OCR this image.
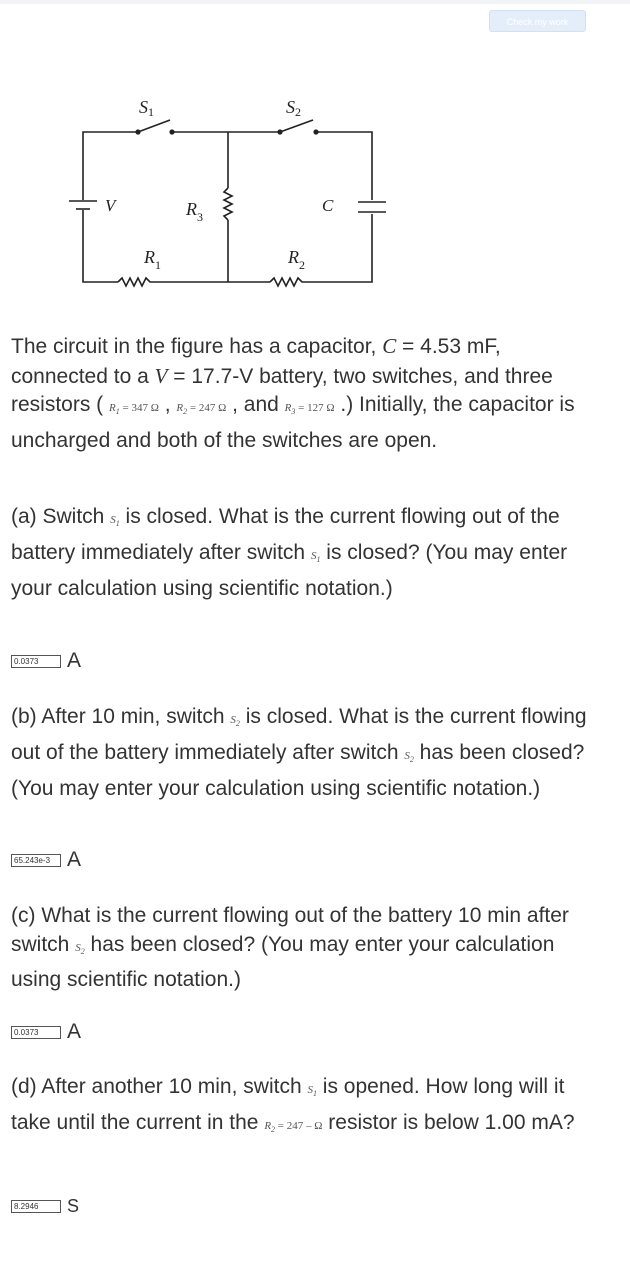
Check my work
S1	S2
V	$R_3$
C
$R_1$	$R_2$

The circuit in the figure has a capacitor, C = 4.53 mF, connected to a V = 17.7-V battery, two switches, and three resistors ( $R_1 = 347$ Ω , $R_2 = 247$ Ω , and $R_3 = 127$ Ω .) Initially, the capacitor is uncharged and both of the switches are open.

(a) Switch $S_1$ is closed. What is the current flowing out of the battery immediately after switch $S_1$ is closed? (You may enter your calculation using scientific notation.)

0.0373	A

(b) After 10 min, switch $S_2$ is closed. What is the current flowing out of the battery immediately after switch $S_2$ has been closed? (You may enter your calculation using scientific notation.)

65.243e-3 A

(c) What is the current flowing out of the battery 10 min after switch $S_2$ has been closed? (You may enter your calculation using scientific notation.)

0.0373	A

(d) After another 10 min, switch $S_1$ is opened. How long will it take until the current in the $R_2 = 247 - \Omega$ resistor is below 1.00 mA?

8.2946	S
